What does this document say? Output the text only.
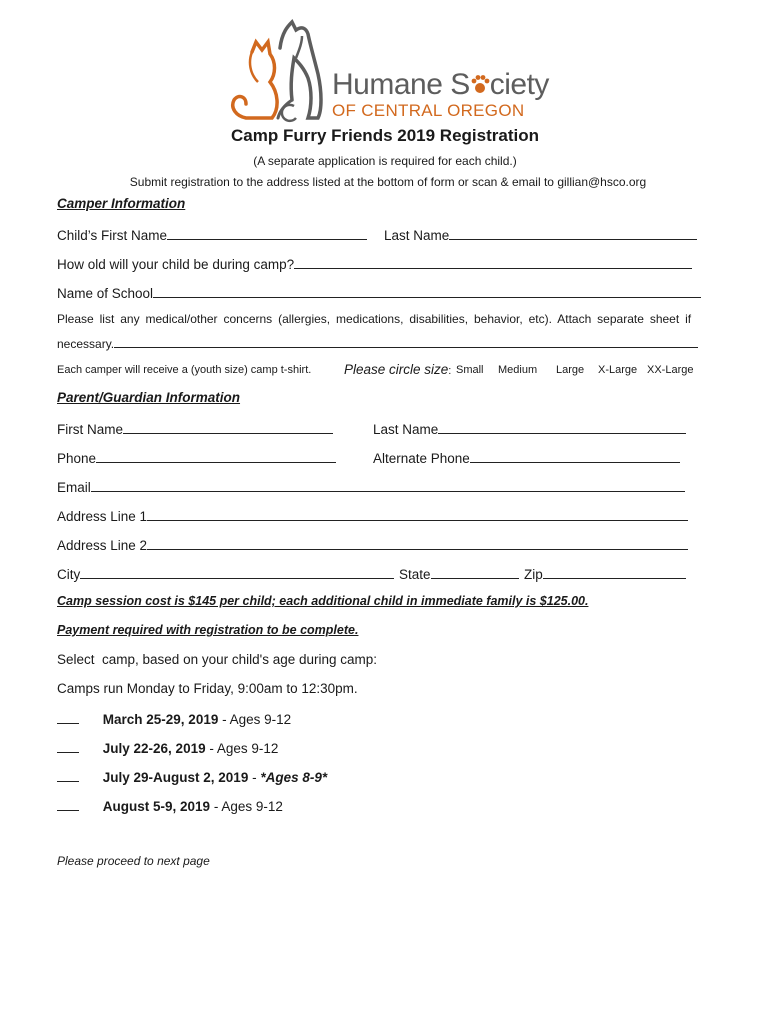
Humane S ciety
OF CENTRAL OREGON
Camp Furry Friends 2019 Registration
(A separate application is required for each child.)
Submit registration to the address listed at the bottom of form or scan & email to gillian@hsco.org
Camper Information
Child’s First Name	Last Name
How old will your child be during camp?
Name of School
Please list any medical/other concerns (allergies, medications, disabilities, behavior, etc). Attach separate sheet if
necessary.
Each camper will receive a (youth size) camp t-shirt. Please circle size: Small Medium Large X-Large XX-Large
Parent/Guardian Information
First Name	Last Name
Phone	Alternate Phone
Email
Address Line 1
Address Line 2
City	State	Zip
Camp session cost is $145 per child; each additional child in immediate family is $125.00.
Payment required with registration to be complete.
Select  camp, based on your child's age during camp:
Camps run Monday to Friday, 9:00am to 12:30pm.
March 25-29, 2019 - Ages 9-12
July 22-26, 2019 - Ages 9-12
July 29-August 2, 2019 - *Ages 8-9*
August 5-9, 2019 - Ages 9-12
Please proceed to next page
